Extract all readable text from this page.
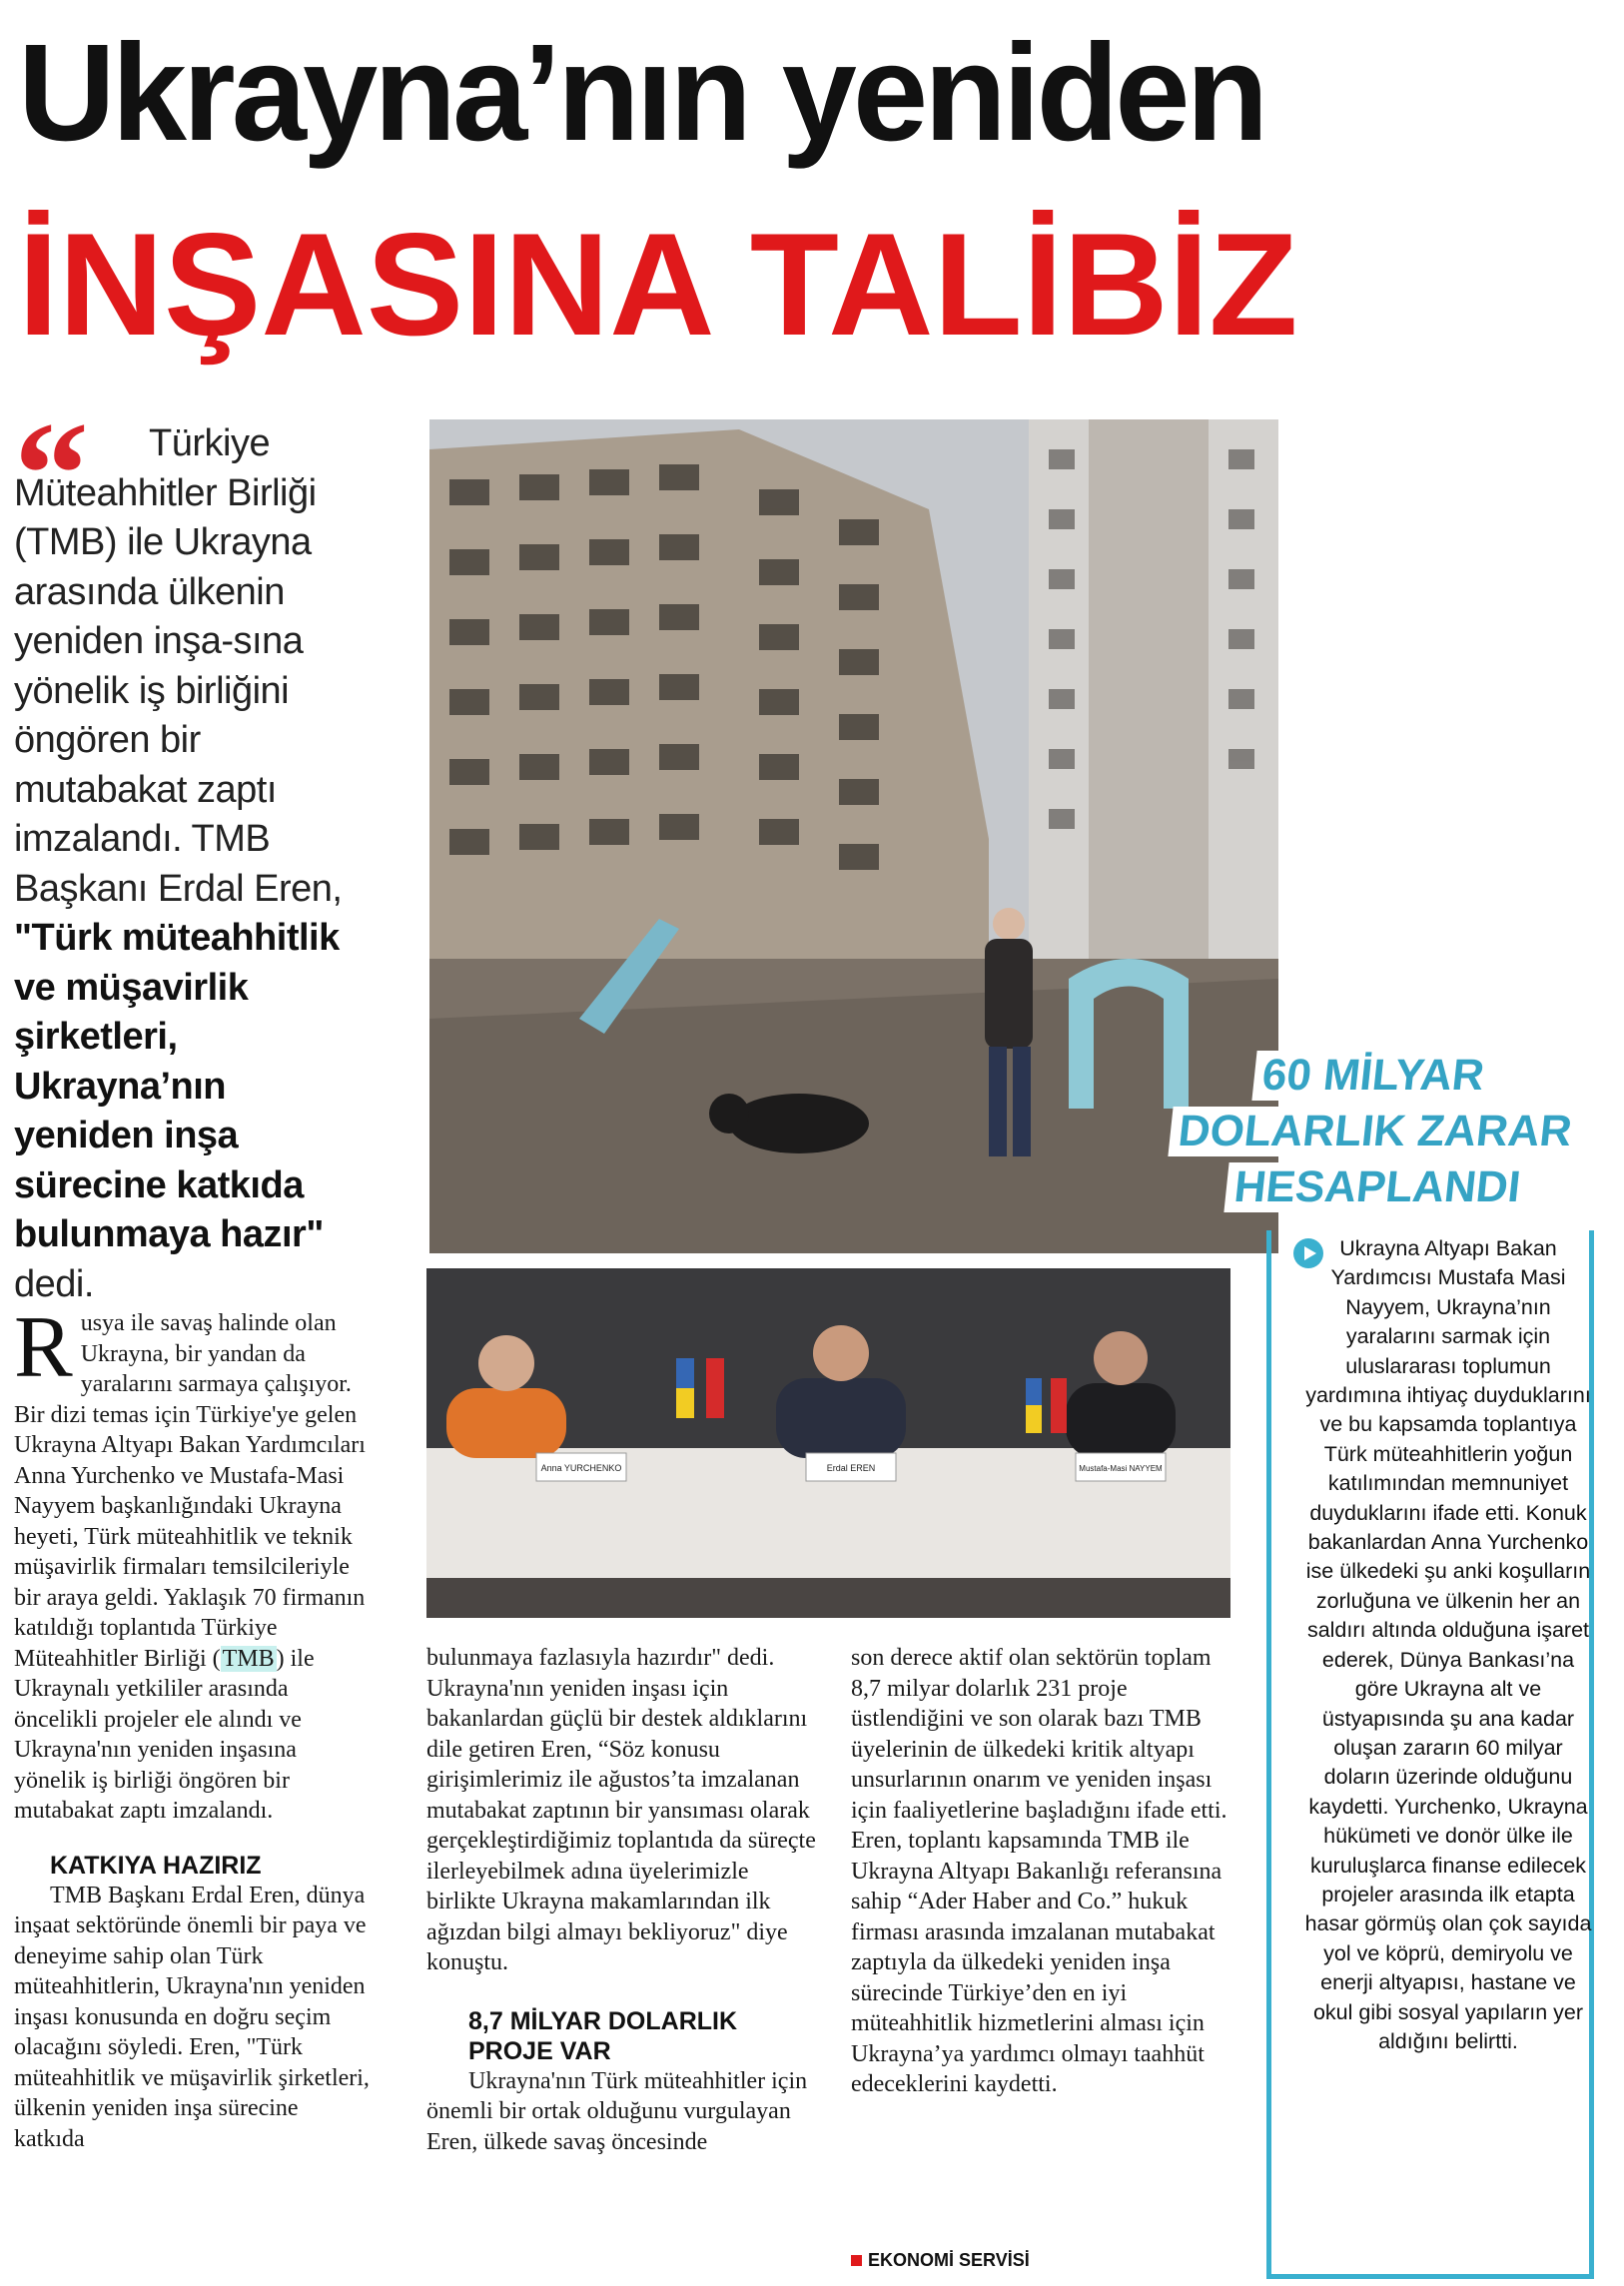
Ukrayna’nın yeniden
İNŞASINA TALİBİZ
“	Türkiye Müteahhitler Birliği (TMB) ile Ukrayna arasında ülkenin yeniden inşa-sına yönelik iş birliğini öngören bir mutabakat zaptı imzalandı. TMB Başkanı Erdal Eren, "Türk müteahhitlik ve müşavirlik şirketleri, Ukrayna’nın yeniden inşa sürecine katkıda bulunmaya hazır" dedi.
Anna YURCHENKO	Erdal EREN	Mustafa-Masi NAYYEM
Rusya ile savaş halinde olan Ukrayna, bir yandan da yaralarını sarmaya çalışıyor. Bir dizi temas için Türkiye'ye gelen Ukrayna Altyapı Bakan Yardımcıları Anna Yurchenko ve Mustafa-Masi Nayyem başkanlığındaki Ukrayna heyeti, Türk müteahhitlik ve teknik müşavirlik firmaları temsilcileriyle bir araya geldi. Yaklaşık 70 firmanın katıldığı toplantıda Türkiye Müteahhitler Birliği (TMB) ile Ukraynalı yetkililer arasında öncelikli projeler ele alındı ve Ukrayna'nın yeniden inşasına yönelik iş birliği öngören bir mutabakat zaptı imzalandı.

KATKIYA HAZIRIZ

TMB Başkanı Erdal Eren, dünya inşaat sektöründe önemli bir paya ve deneyime sahip olan Türk müteahhitlerin, Ukrayna'nın yeniden inşası konusunda en doğru seçim olacağını söyledi. Eren, "Türk müteahhitlik ve müşavirlik şirketleri, ülkenin yeniden inşa sürecine katkıda
bulunmaya fazlasıyla hazırdır" dedi. Ukrayna'nın yeniden inşası için bakanlardan güçlü bir destek aldıklarını dile getiren Eren, “Söz konusu girişimlerimiz ile ağustos’ta imzalanan mutabakat zaptının bir yansıması olarak gerçekleştirdiğimiz toplantıda da süreçte ilerleyebilmek adına üyelerimizle birlikte Ukrayna makamlarından ilk ağızdan bilgi almayı bekliyoruz" diye konuştu.

8,7 MİLYAR DOLARLIK PROJE VAR

Ukrayna'nın Türk müteahhitler için önemli bir ortak olduğunu vurgulayan Eren, ülkede savaş öncesinde
son derece aktif olan sektörün toplam 8,7 milyar dolarlık 231 proje üstlendiğini ve son olarak bazı TMB üyelerinin de ülkedeki kritik altyapı unsurlarının onarım ve yeniden inşası için faaliyetlerine başladığını ifade etti. Eren, toplantı kapsamında TMB ile Ukrayna Altyapı Bakanlığı referansına sahip “Ader Haber and Co.” hukuk firması arasında imzalanan mutabakat zaptıyla da ülkedeki yeniden inşa sürecinde Türkiye’den en iyi müteahhitlik hizmetlerini alması için Ukrayna’ya yardımcı olmayı taahhüt edeceklerini kaydetti.
EKONOMİ SERVİSİ
60 MİLYAR
DOLARLIK ZARAR
HESAPLANDI
Ukrayna Altyapı Bakan Yardımcısı Mustafa Masi Nayyem, Ukrayna’nın yaralarını sarmak için uluslararası toplumun yardımına ihtiyaç duyduklarını ve bu kapsamda toplantıya Türk müteahhitlerin yoğun katılımından memnuniyet duyduklarını ifade etti. Konuk bakanlardan Anna Yurchenko ise ülkedeki şu anki koşulların zorluğuna ve ülkenin her an saldırı altında olduğuna işaret ederek, Dünya Bankası’na göre Ukrayna alt ve üstyapısında şu ana kadar oluşan zararın 60 milyar doların üzerinde olduğunu kaydetti. Yurchenko, Ukrayna hükümeti ve donör ülke ile kuruluşlarca finanse edilecek projeler arasında ilk etapta hasar görmüş olan çok sayıda yol ve köprü, demiryolu ve enerji altyapısı, hastane ve okul gibi sosyal yapıların yer aldığını belirtti.
